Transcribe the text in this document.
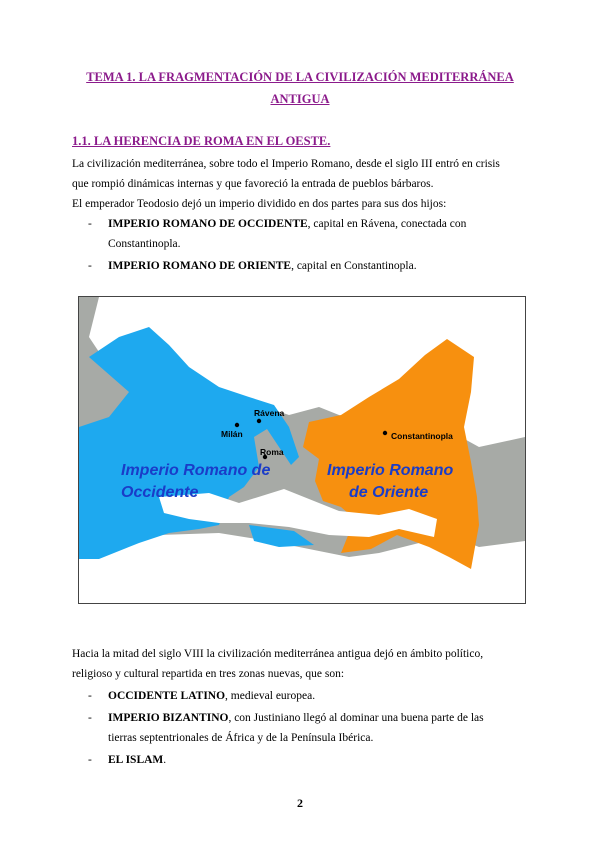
TEMA 1. LA FRAGMENTACIÓN DE LA CIVILIZACIÓN MEDITERRÁNEA
ANTIGUA
1.1. LA HERENCIA DE ROMA EN EL OESTE.
La civilización mediterránea, sobre todo el Imperio Romano, desde el siglo III entró en crisis
que rompió dinámicas internas y que favoreció la entrada de pueblos bárbaros.
El emperador Teodosio dejó un imperio dividido en dos partes para sus dos hijos:
- IMPERIO ROMANO DE OCCIDENTE, capital en Rávena, conectada con
Constantinopla.
- IMPERIO ROMANO DE ORIENTE, capital en Constantinopla.
Milán
Rávena
Roma
Constantinopla
Imperio Romano de
Occidente
Imperio Romano
de Oriente
Hacia la mitad del siglo VIII la civilización mediterránea antigua dejó en ámbito político,
religioso y cultural repartida en tres zonas nuevas, que son:
- OCCIDENTE LATINO, medieval europea.
- IMPERIO BIZANTINO, con Justiniano llegó al dominar una buena parte de las
tierras septentrionales de África y de la Península Ibérica.
- EL ISLAM.
2
